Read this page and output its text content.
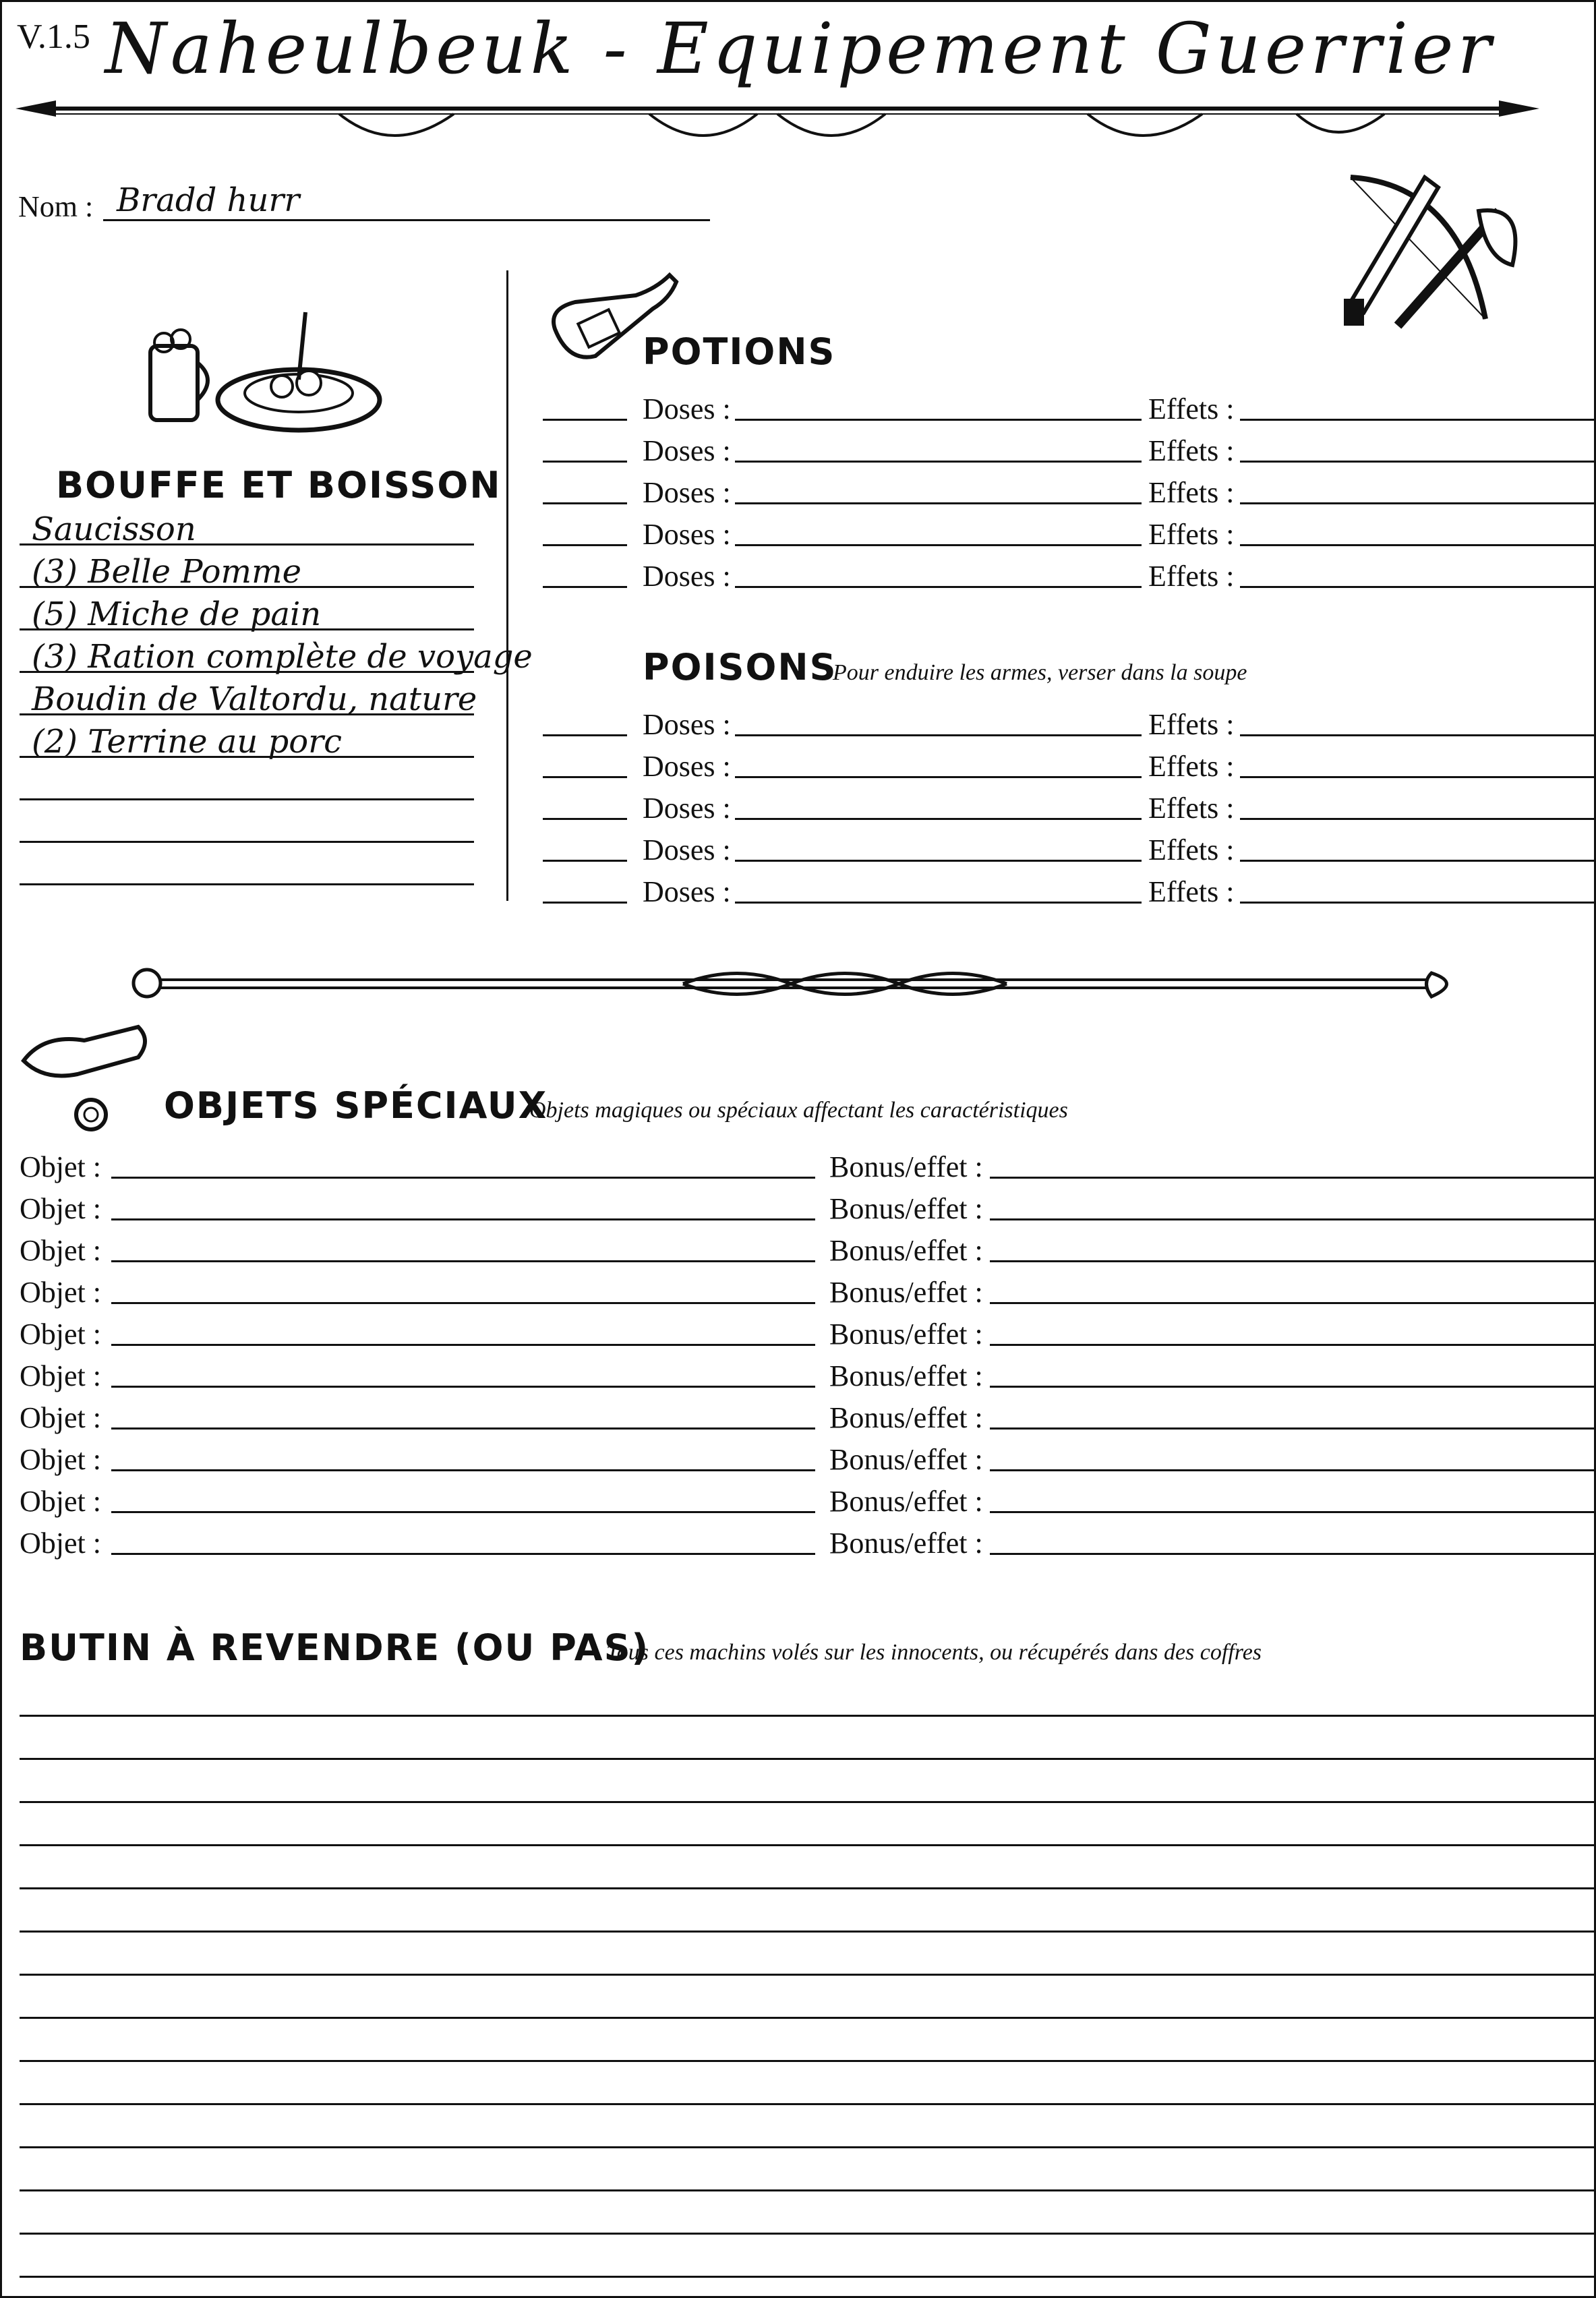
V.1.5 Naheulbeuk - Equipement Guerrier
Nom : Bradd hurr
BOUFFE ET BOISSON
Saucisson
(3) Belle Pomme
(5) Miche de pain
(3) Ration complète de voyage
Boudin de Valtordu, nature
(2) Terrine au porc
POTIONS
Doses :	Effets :
Doses :	Effets :
Doses :	Effets :
Doses :	Effets :
Doses :	Effets :
POISONS
Pour enduire les armes, verser dans la soupe
Doses :	Effets :
Doses :	Effets :
Doses :	Effets :
Doses :	Effets :
Doses :	Effets :
OBJETS SPÉCIAUX
Objets magiques ou spéciaux affectant les caractéristiques
Objet :	Bonus/effet :
Objet :	Bonus/effet :
Objet :	Bonus/effet :
Objet :	Bonus/effet :
Objet :	Bonus/effet :
Objet :	Bonus/effet :
Objet :	Bonus/effet :
Objet :	Bonus/effet :
Objet :	Bonus/effet :
Objet :	Bonus/effet :
BUTIN À REVENDRE (OU PAS)
Tous ces machins volés sur les innocents, ou récupérés dans des coffres
